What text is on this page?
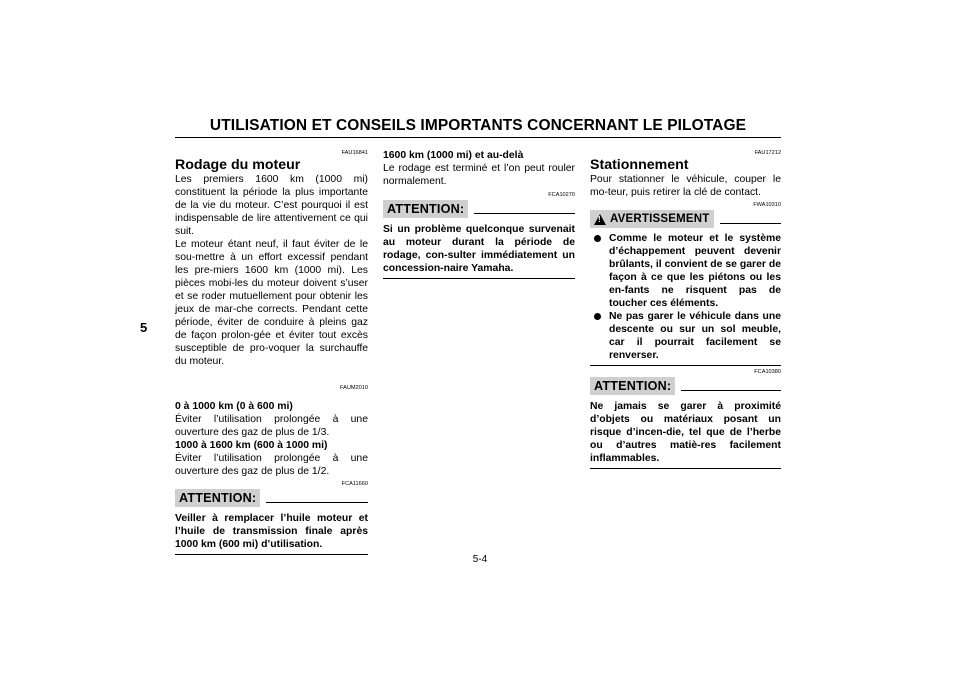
UTILISATION ET CONSEILS IMPORTANTS CONCERNANT LE PILOTAGE
5
FAU16841
Rodage du moteur

Les premiers 1600 km (1000 mi) constituent la période la plus importante de la vie du moteur. C’est pourquoi il est indispensable de lire attentivement ce qui suit.

Le moteur étant neuf, il faut éviter de le sou-mettre à un effort excessif pendant les pre-miers 1600 km (1000 mi). Les pièces mobi-les du moteur doivent s’user et se roder mutuellement pour obtenir les jeux de mar-che corrects. Pendant cette période, éviter de conduire à pleins gaz de façon prolon-gée et éviter tout excès susceptible de pro-voquer la surchauffe du moteur.

FAUM2010

0 à 1000 km (0 à 600 mi)

Éviter l’utilisation prolongée à une ouverture des gaz de plus de 1/3.

1000 à 1600 km (600 à 1000 mi)

Éviter l’utilisation prolongée à une ouverture des gaz de plus de 1/2.

FCA11660
ATTENTION:

Veiller à remplacer l’huile moteur et l’huile de transmission finale après 1000 km (600 mi) d’utilisation.

1600 km (1000 mi) et au-delà

Le rodage est terminé et l’on peut rouler normalement.

FCA10270
ATTENTION:

Si un problème quelconque survenait au moteur durant la période de rodage, con-sulter immédiatement un concession-naire Yamaha.

FAU17212
Stationnement

Pour stationner le véhicule, couper le mo-teur, puis retirer la clé de contact.

FWA10310
! AVERTISSEMENT
Comme le moteur et le système d’échappement peuvent devenir brûlants, il convient de se garer de façon à ce que les piétons ou les en-fants ne risquent pas de toucher ces éléments.
Ne pas garer le véhicule dans une descente ou sur un sol meuble, car il pourrait facilement se renverser.
FCA10380
ATTENTION:

Ne jamais se garer à proximité d’objets ou matériaux posant un risque d’incen-die, tel que de l’herbe ou d’autres matiè-res facilement inflammables.

5-4
